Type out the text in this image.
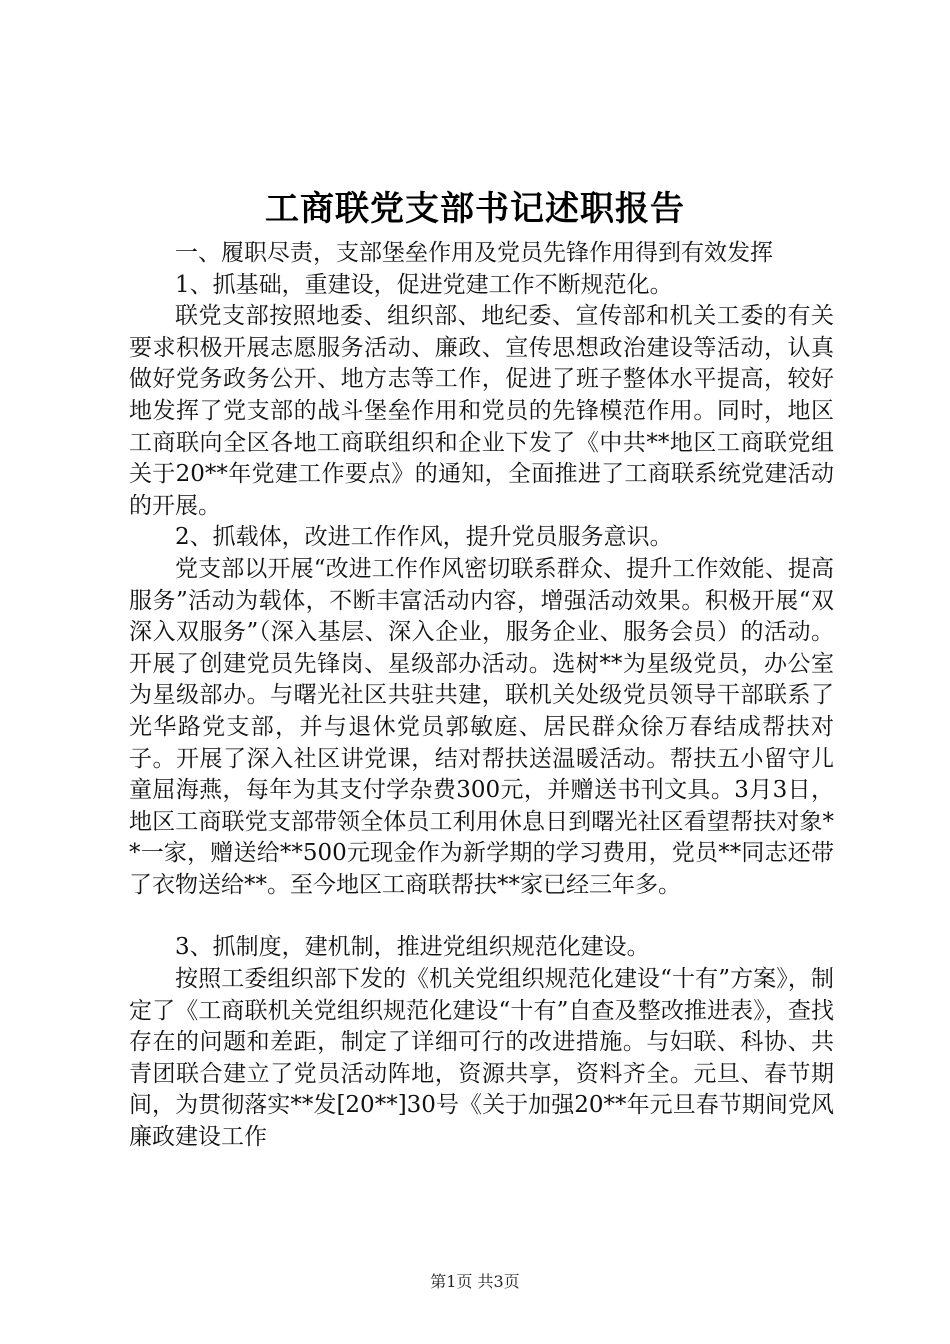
工商联党支部书记述职报告

一、履职尽责，支部堡垒作用及党员先锋作用得到有效发挥

1、抓基础，重建设，促进党建工作不断规范化。

联党支部按照地委、组织部、地纪委、宣传部和机关工委的有关要求积极开展志愿服务活动、廉政、宣传思想政治建设等活动，认真做好党务政务公开、地方志等工作，促进了班子整体水平提高，较好地发挥了党支部的战斗堡垒作用和党员的先锋模范作用。同时，地区工商联向全区各地工商联组织和企业下发了《中共**地区工商联党组关于20**年党建工作要点》的通知，全面推进了工商联系统党建活动的开展。

2、抓载体，改进工作作风，提升党员服务意识。

党支部以开展“改进工作作风密切联系群众、提升工作效能、提高服务”活动为载体，不断丰富活动内容，增强活动效果。积极开展“双深入双服务”（深入基层、深入企业，服务企业、服务会员）的活动。开展了创建党员先锋岗、星级部办活动。选树**为星级党员，办公室为星级部办。与曙光社区共驻共建，联机关处级党员领导干部联系了光华路党支部，并与退休党员郭敏庭、居民群众徐万春结成帮扶对子。开展了深入社区讲党课，结对帮扶送温暖活动。帮扶五小留守儿童屈海燕，每年为其支付学杂费300元，并赠送书刊文具。3月3日，地区工商联党支部带领全体员工利用休息日到曙光社区看望帮扶对象**一家，赠送给**500元现金作为新学期的学习费用，党员**同志还带了衣物送给**。至今地区工商联帮扶**家已经三年多。

3、抓制度，建机制，推进党组织规范化建设。

按照工委组织部下发的《机关党组织规范化建设“十有”方案》，制定了《工商联机关党组织规范化建设“十有”自查及整改推进表》，查找存在的问题和差距，制定了详细可行的改进措施。与妇联、科协、共青团联合建立了党员活动阵地，资源共享，资料齐全。元旦、春节期间，为贯彻落实**发[20**]30号《关于加强20**年元旦春节期间党风廉政建设工作

第1页 共3页
